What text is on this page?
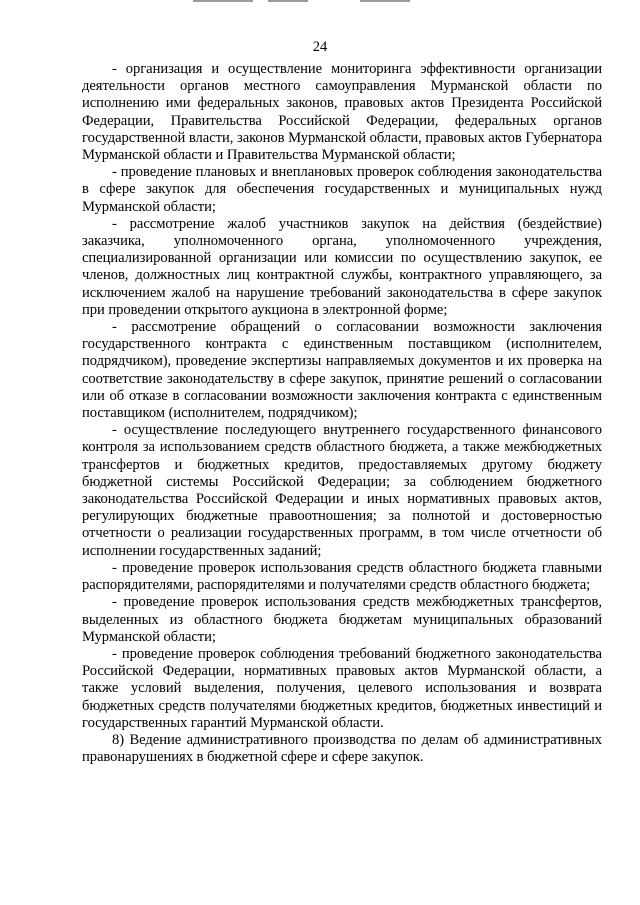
24

- организация и осуществление мониторинга эффективности организации деятельности органов местного самоуправления Мурманской области по исполнению ими федеральных законов, правовых актов Президента Российской Федерации, Правительства Российской Федерации, федеральных органов государственной власти, законов Мурманской области, правовых актов Губернатора Мурманской области и Правительства Мурманской области;

- проведение плановых и внеплановых проверок соблюдения законодательства в сфере закупок для обеспечения государственных и муниципальных нужд Мурманской области;

- рассмотрение жалоб участников закупок на действия (бездействие) заказчика, уполномоченного органа, уполномоченного учреждения, специализированной организации или комиссии по осуществлению закупок, ее членов, должностных лиц контрактной службы, контрактного управляющего, за исключением жалоб на нарушение требований законодательства в сфере закупок при проведении открытого аукциона в электронной форме;

- рассмотрение обращений о согласовании возможности заключения государственного контракта с единственным поставщиком (исполнителем, подрядчиком), проведение экспертизы направляемых документов и их проверка на соответствие законодательству в сфере закупок, принятие решений о согласовании или об отказе в согласовании возможности заключения контракта с единственным поставщиком (исполнителем, подрядчиком);

- осуществление последующего внутреннего государственного финансового контроля за использованием средств областного бюджета, а также межбюджетных трансфертов и бюджетных кредитов, предоставляемых другому бюджету бюджетной системы Российской Федерации; за соблюдением бюджетного законодательства Российской Федерации и иных нормативных правовых актов, регулирующих бюджетные правоотношения; за полнотой и достоверностью отчетности о реализации государственных программ, в том числе отчетности об исполнении государственных заданий;

- проведение проверок использования средств областного бюджета главными распорядителями, распорядителями и получателями средств областного бюджета;

- проведение проверок использования средств межбюджетных трансфертов, выделенных из областного бюджета бюджетам муниципальных образований Мурманской области;

- проведение проверок соблюдения требований бюджетного законодательства Российской Федерации, нормативных правовых актов Мурманской области, а также условий выделения, получения, целевого использования и возврата бюджетных средств получателями бюджетных кредитов, бюджетных инвестиций и государственных гарантий Мурманской области.

8) Ведение административного производства по делам об административных правонарушениях в бюджетной сфере и сфере закупок.
